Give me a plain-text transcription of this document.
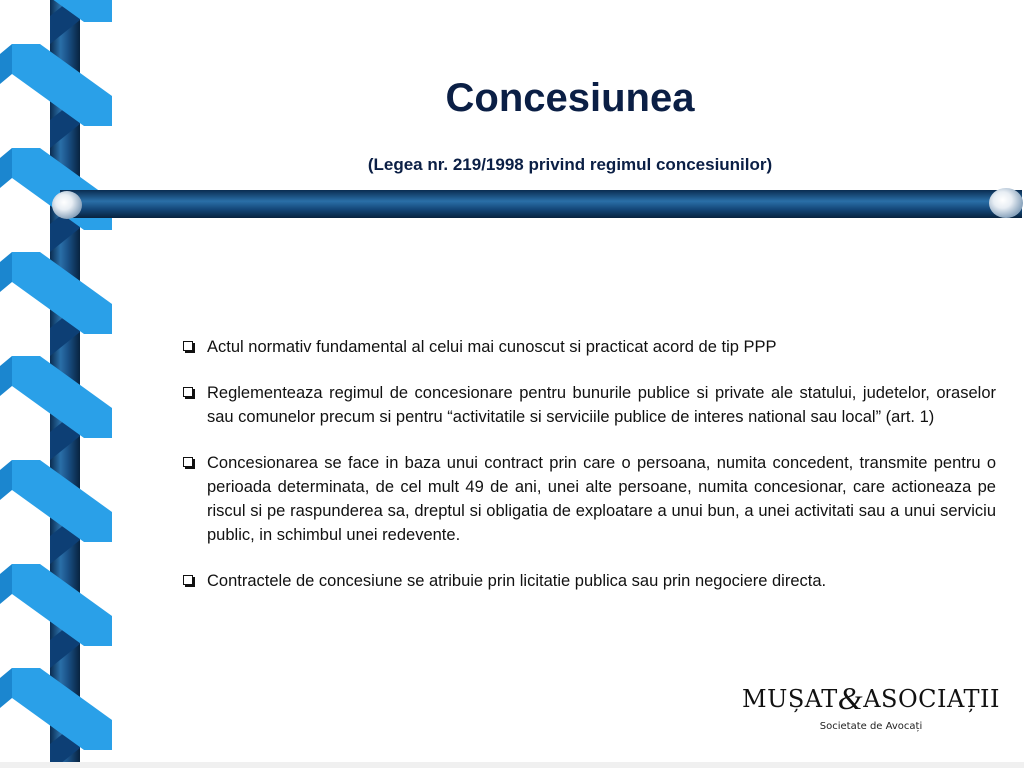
Concesiunea

(Legea nr. 219/1998 privind regimul concesiunilor)

Actul normativ fundamental al celui mai cunoscut si practicat acord de tip PPP
Reglementeaza regimul de concesionare pentru bunurile publice si private ale statului, judetelor, oraselor sau comunelor precum si pentru “activitatile si serviciile publice de interes national sau local” (art. 1)
Concesionarea se face in baza unui contract prin care o persoana, numita concedent, transmite pentru o perioada determinata, de cel mult 49 de ani, unei alte persoane, numita concesionar, care actioneaza pe riscul si pe raspunderea sa, dreptul si obligatia de exploatare a unui bun, a unei activitati sau a unui serviciu public, in schimbul unei redevente.
Contractele de concesiune se atribuie prin licitatie publica sau prin negociere directa.
MUȘAT&ASOCIAȚII
Societate de Avocați
